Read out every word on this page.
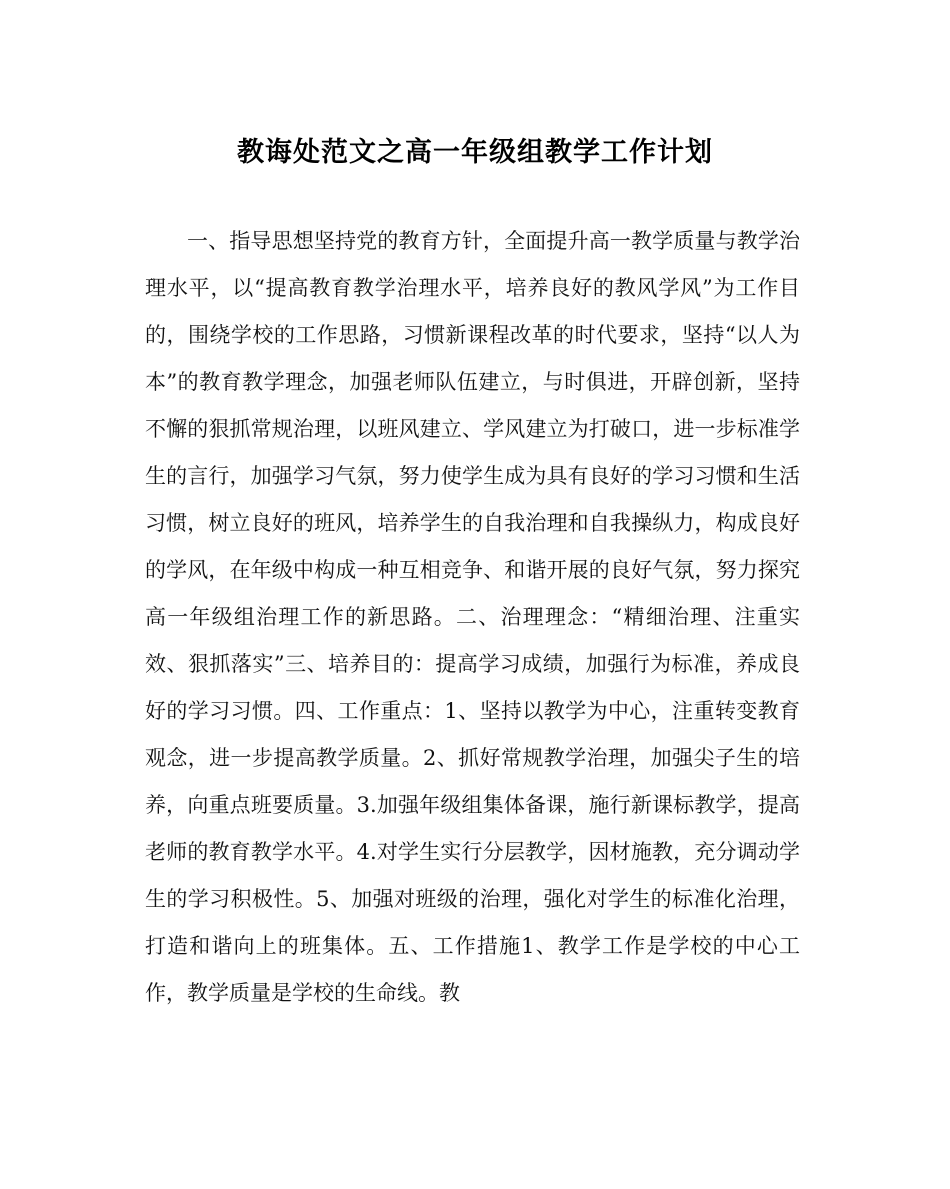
教诲处范文之高一年级组教学工作计划

一、指导思想坚持党的教育方针，全面提升高一教学质量与教学治理水平，以“提高教育教学治理水平，培养良好的教风学风”为工作目的，围绕学校的工作思路，习惯新课程改革的时代要求，坚持“以人为本”的教育教学理念，加强老师队伍建立，与时俱进，开辟创新，坚持不懈的狠抓常规治理，以班风建立、学风建立为打破口，进一步标准学生的言行，加强学习气氛，努力使学生成为具有良好的学习习惯和生活习惯，树立良好的班风，培养学生的自我治理和自我操纵力，构成良好的学风，在年级中构成一种互相竞争、和谐开展的良好气氛，努力探究高一年级组治理工作的新思路。二、治理理念：“精细治理、注重实效、狠抓落实”三、培养目的：提高学习成绩，加强行为标准，养成良好的学习习惯。四、工作重点：1、坚持以教学为中心，注重转变教育观念，进一步提高教学质量。2、抓好常规教学治理，加强尖子生的培养，向重点班要质量。3.加强年级组集体备课，施行新课标教学，提高老师的教育教学水平。4.对学生实行分层教学，因材施教，充分调动学生的学习积极性。5、加强对班级的治理，强化对学生的标准化治理，打造和谐向上的班集体。五、工作措施1、教学工作是学校的中心工作，教学质量是学校的生命线。教
